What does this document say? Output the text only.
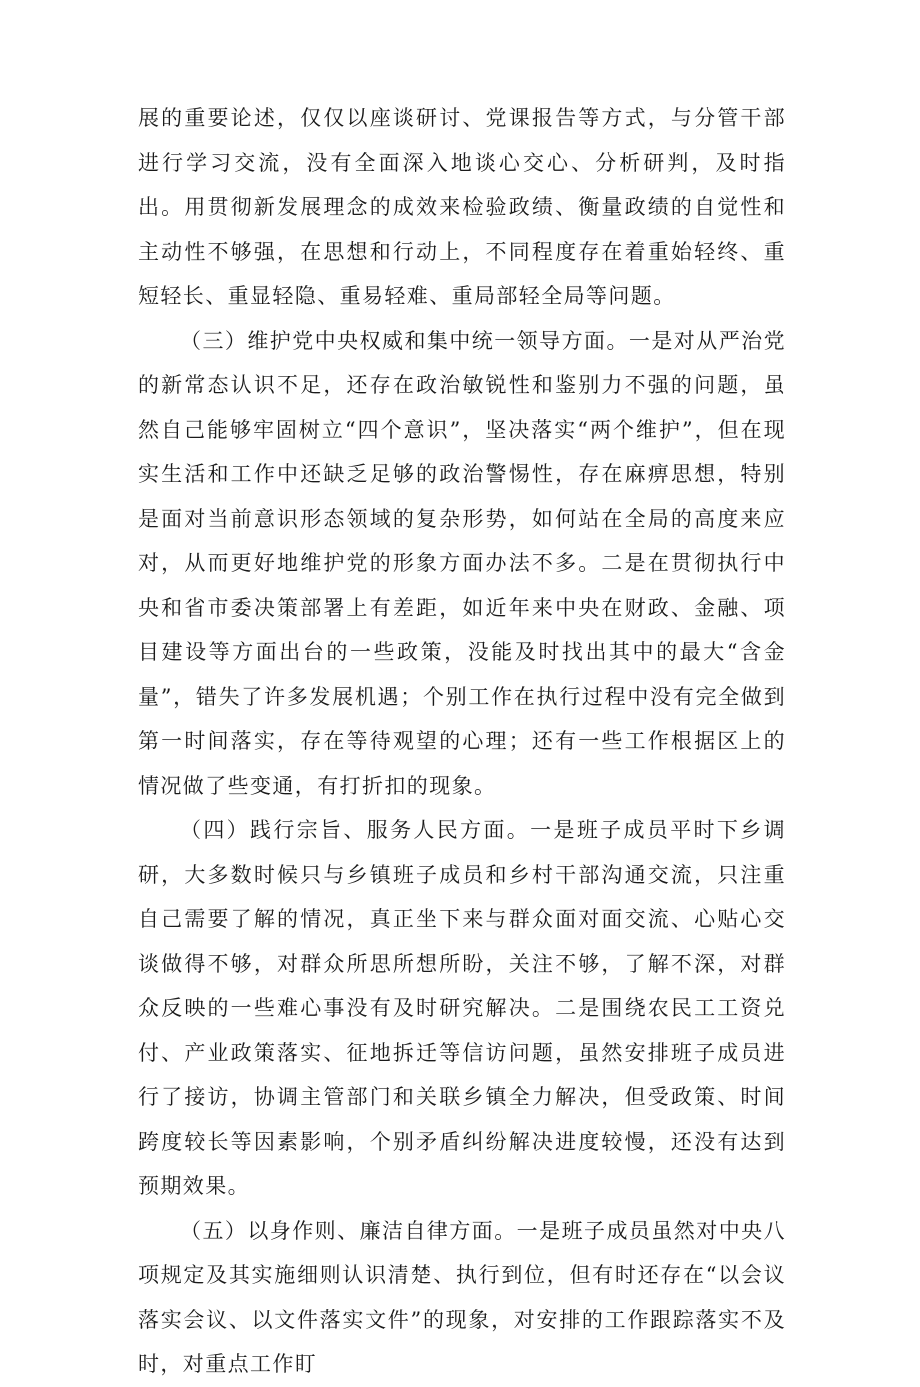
展的重要论述，仅仅以座谈研讨、党课报告等方式，与分管干部进行学习交流，没有全面深入地谈心交心、分析研判，及时指出。用贯彻新发展理念的成效来检验政绩、衡量政绩的自觉性和主动性不够强，在思想和行动上，不同程度存在着重始轻终、重短轻长、重显轻隐、重易轻难、重局部轻全局等问题。

（三）维护党中央权威和集中统一领导方面。一是对从严治党的新常态认识不足，还存在政治敏锐性和鉴别力不强的问题，虽然自己能够牢固树立“四个意识”，坚决落实“两个维护”，但在现实生活和工作中还缺乏足够的政治警惕性，存在麻痹思想，特别是面对当前意识形态领域的复杂形势，如何站在全局的高度来应对，从而更好地维护党的形象方面办法不多。二是在贯彻执行中央和省市委决策部署上有差距，如近年来中央在财政、金融、项目建设等方面出台的一些政策，没能及时找出其中的最大“含金量”，错失了许多发展机遇；个别工作在执行过程中没有完全做到第一时间落实，存在等待观望的心理；还有一些工作根据区上的情况做了些变通，有打折扣的现象。

（四）践行宗旨、服务人民方面。一是班子成员平时下乡调研，大多数时候只与乡镇班子成员和乡村干部沟通交流，只注重自己需要了解的情况，真正坐下来与群众面对面交流、心贴心交谈做得不够，对群众所思所想所盼，关注不够，了解不深，对群众反映的一些难心事没有及时研究解决。二是围绕农民工工资兑付、产业政策落实、征地拆迁等信访问题，虽然安排班子成员进行了接访，协调主管部门和关联乡镇全力解决，但受政策、时间跨度较长等因素影响，个别矛盾纠纷解决进度较慢，还没有达到预期效果。

（五）以身作则、廉洁自律方面。一是班子成员虽然对中央八项规定及其实施细则认识清楚、执行到位，但有时还存在“以会议落实会议、以文件落实文件”的现象，对安排的工作跟踪落实不及时，对重点工作盯
